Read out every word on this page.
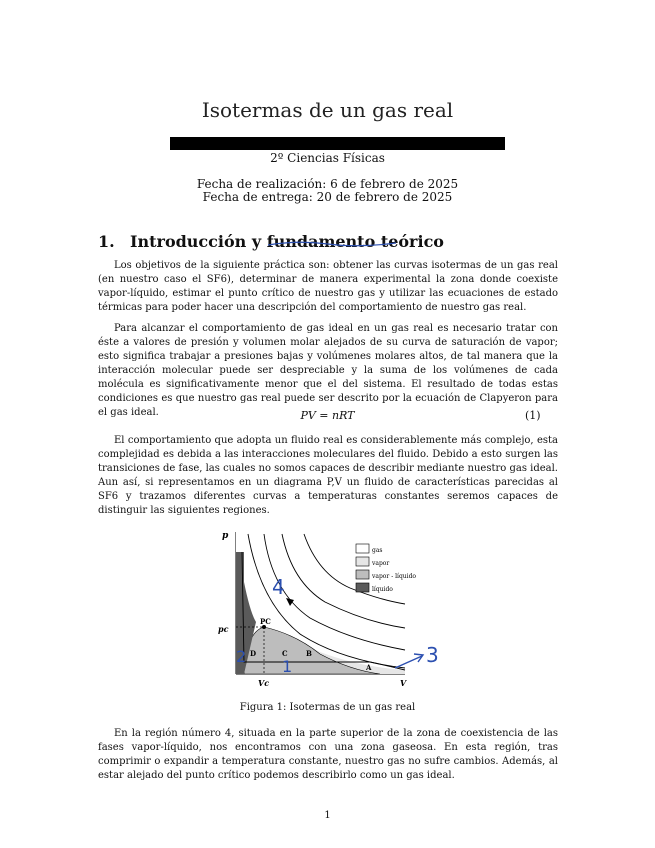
Isotermas de un gas real
2º Ciencias Físicas
Fecha de realización: 6 de febrero de 2025
Fecha de entrega: 20 de febrero de 2025
1. Introducción y fundamento teórico

Los objetivos de la siguiente práctica son: obtener las curvas isotermas de un gas real (en nuestro caso el SF6), determinar de manera experimental la zona donde coexiste vapor-líquido, estimar el punto crítico de nuestro gas y utilizar las ecuaciones de estado térmicas para poder hacer una descripción del comportamiento de nuestro gas real.

Para alcanzar el comportamiento de gas ideal en un gas real es necesario tratar con éste a valores de presión y volumen molar alejados de su curva de saturación de vapor; esto significa trabajar a presiones bajas y volúmenes molares altos, de tal manera que la interacción molecular puede ser despreciable y la suma de los volúmenes de cada molécula es significativamente menor que el del sistema. El resultado de todas estas condiciones es que nuestro gas real puede ser descrito por la ecuación de Clapyeron para el gas ideal.	PV = nRT	(1)

El comportamiento que adopta un fluido real es considerablemente más complejo, esta complejidad es debida a las interacciones moleculares del fluido. Debido a esto surgen las transiciones de fase, las cuales no somos capaces de describir mediante nuestro gas ideal. Aun así, si representamos en un diagrama P,V un fluido de características parecidas al SF6 y trazamos diferentes curvas a temperaturas constantes seremos capaces de distinguir las siguientes regiones.

p
pc
Vc	V
PC
A
B
C
D
gas
vapor
vapor - líquido
líquido
4
1
2	3
Figura 1: Isotermas de un gas real

En la región número 4, situada en la parte superior de la zona de coexistencia de las fases vapor-líquido, nos encontramos con una zona gaseosa. En esta región, tras comprimir o expandir a temperatura constante, nuestro gas no sufre cambios. Además, al estar alejado del punto crítico podemos describirlo como un gas ideal.

1
